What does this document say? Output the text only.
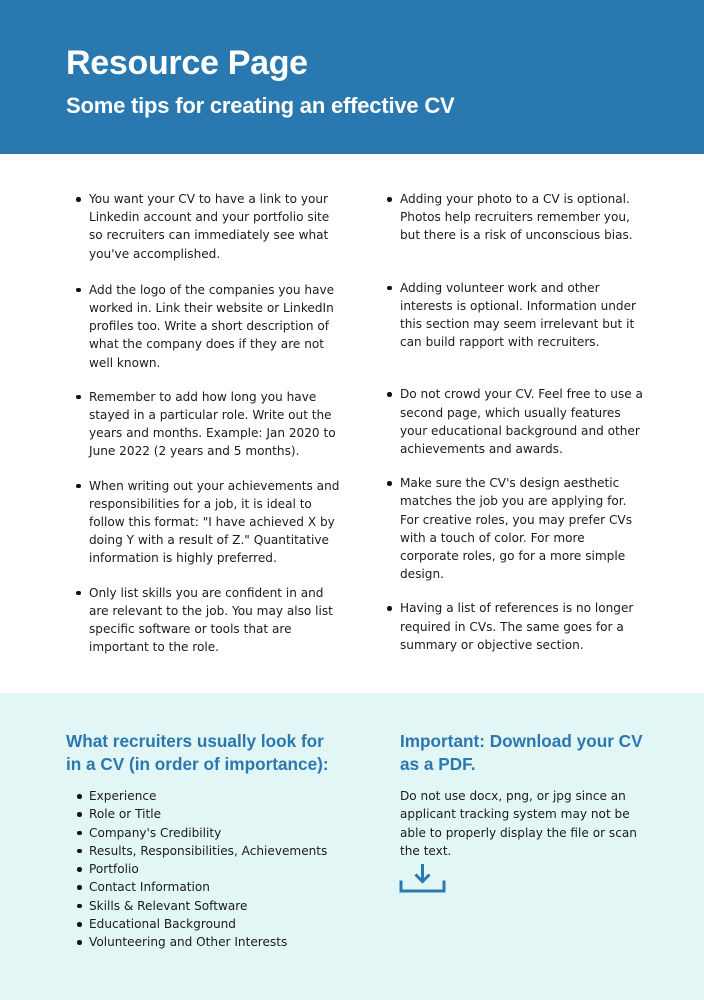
Resource Page
Some tips for creating an effective CV
You want your CV to have a link to your Linkedin account and your portfolio site so recruiters can immediately see what you've accomplished.
Add the logo of the companies you have worked in. Link their website or LinkedIn profiles too. Write a short description of what the company does if they are not well known.
Remember to add how long you have stayed in a particular role. Write out the years and months. Example: Jan 2020 to June 2022 (2 years and 5 months).
When writing out your achievements and responsibilities for a job, it is ideal to follow this format: "I have achieved X by doing Y with a result of Z." Quantitative information is highly preferred.
Only list skills you are confident in and are relevant to the job. You may also list specific software or tools that are important to the role.
Adding your photo to a CV is optional. Photos help recruiters remember you, but there is a risk of unconscious bias.
Adding volunteer work and other interests is optional. Information under this section may seem irrelevant but it can build rapport with recruiters.
Do not crowd your CV. Feel free to use a second page, which usually features your educational background and other achievements and awards.
Make sure the CV's design aesthetic matches the job you are applying for. For creative roles, you may prefer CVs with a touch of color. For more corporate roles, go for a more simple design.
Having a list of references is no longer required in CVs. The same goes for a summary or objective section.
What recruiters usually look for in a CV (in order of importance):
Experience
Role or Title
Company's Credibility
Results, Responsibilities, Achievements
Portfolio
Contact Information
Skills & Relevant Software
Educational Background
Volunteering and Other Interests
Important: Download your CV as a PDF.

Do not use docx, png, or jpg since an applicant tracking system may not be able to properly display the file or scan the text.
